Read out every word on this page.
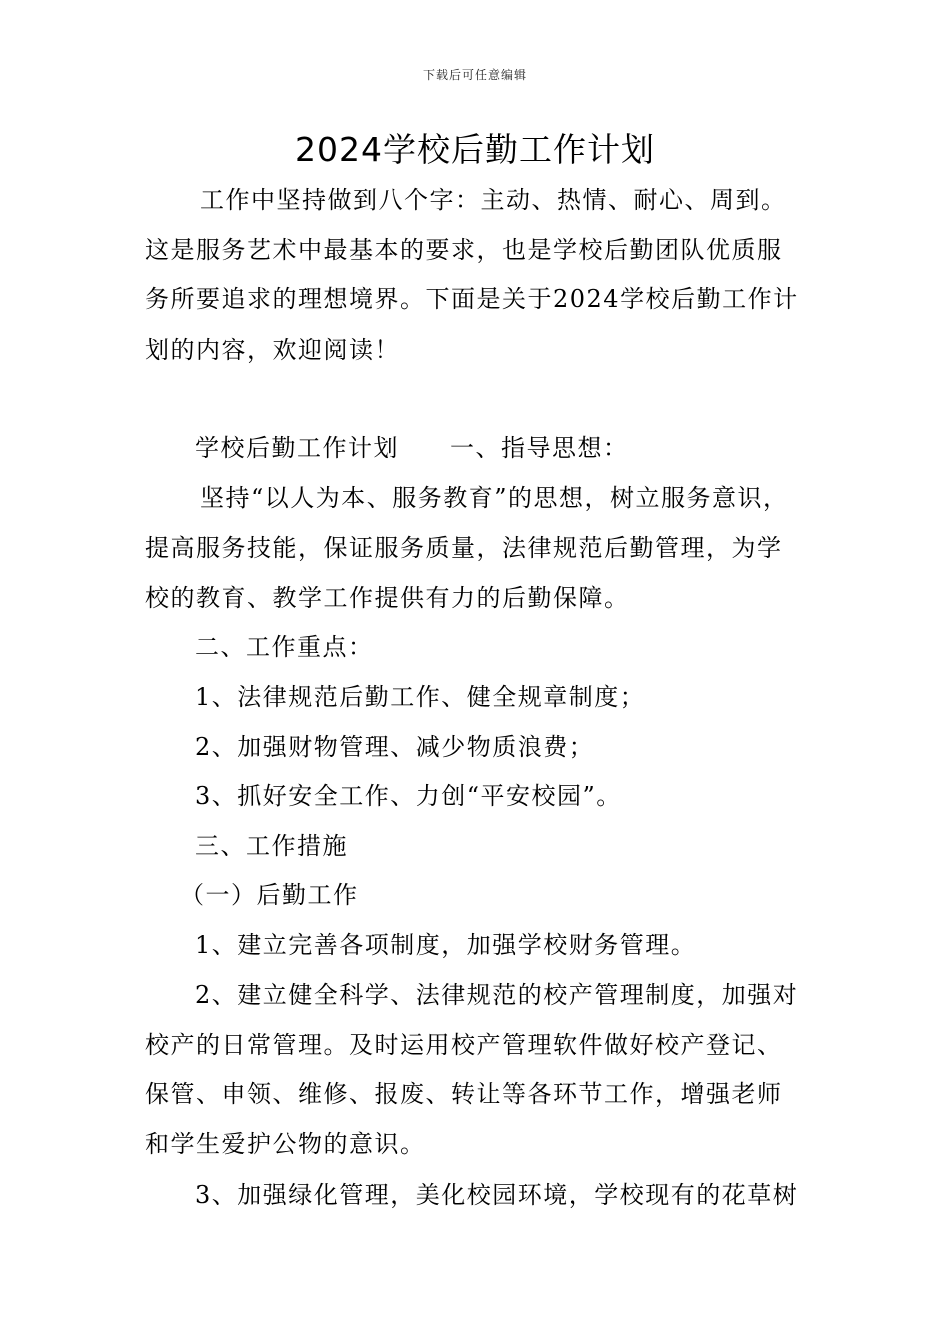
下载后可任意编辑
2024学校后勤工作计划
工作中坚持做到八个字：主动、热情、耐心、周到。
这是服务艺术中最基本的要求，也是学校后勤团队优质服
务所要追求的理想境界。下面是关于2024学校后勤工作计
划的内容，欢迎阅读！
学校后勤工作计划　　一、指导思想：
坚持“以人为本、服务教育”的思想，树立服务意识，
提高服务技能，保证服务质量，法律规范后勤管理，为学
校的教育、教学工作提供有力的后勤保障。
二、工作重点：
1、法律规范后勤工作、健全规章制度；
2、加强财物管理、减少物质浪费；
3、抓好安全工作、力创“平安校园”。
三、工作措施
（一）后勤工作
1、建立完善各项制度，加强学校财务管理。
2、建立健全科学、法律规范的校产管理制度，加强对
校产的日常管理。及时运用校产管理软件做好校产登记、
保管、申领、维修、报废、转让等各环节工作，增强老师
和学生爱护公物的意识。
3、加强绿化管理，美化校园环境，学校现有的花草树
